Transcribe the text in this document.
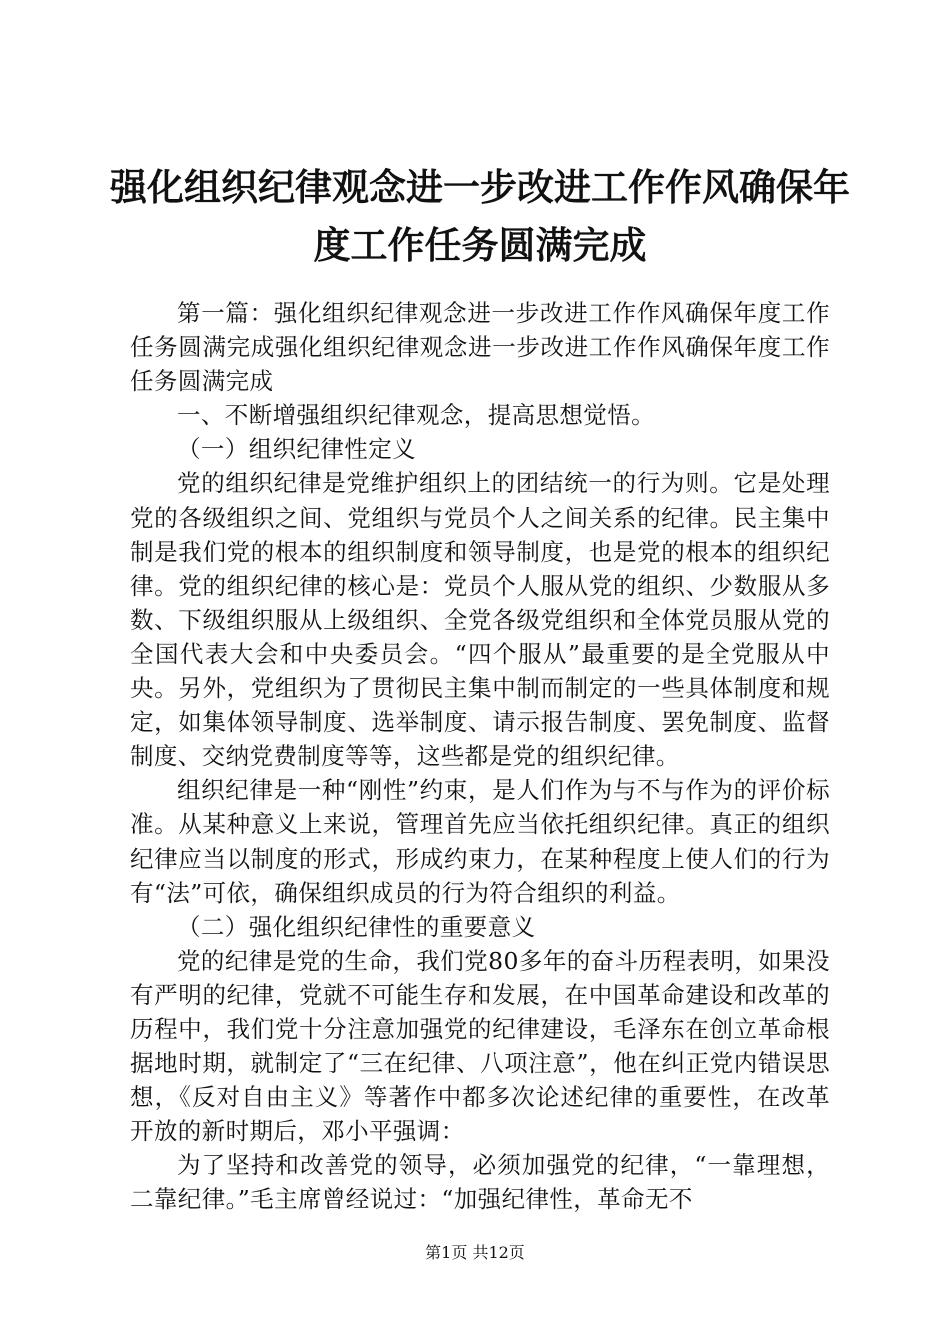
强化组织纪律观念进一步改进工作作风确保年度工作任务圆满完成

第一篇：强化组织纪律观念进一步改进工作作风确保年度工作任务圆满完成强化组织纪律观念进一步改进工作作风确保年度工作任务圆满完成

一、不断增强组织纪律观念，提高思想觉悟。

（一）组织纪律性定义

党的组织纪律是党维护组织上的团结统一的行为则。它是处理党的各级组织之间、党组织与党员个人之间关系的纪律。民主集中制是我们党的根本的组织制度和领导制度，也是党的根本的组织纪律。党的组织纪律的核心是：党员个人服从党的组织、少数服从多数、下级组织服从上级组织、全党各级党组织和全体党员服从党的全国代表大会和中央委员会。“四个服从”最重要的是全党服从中央。另外，党组织为了贯彻民主集中制而制定的一些具体制度和规定，如集体领导制度、选举制度、请示报告制度、罢免制度、监督制度、交纳党费制度等等，这些都是党的组织纪律。

组织纪律是一种“刚性”约束，是人们作为与不与作为的评价标准。从某种意义上来说，管理首先应当依托组织纪律。真正的组织纪律应当以制度的形式，形成约束力，在某种程度上使人们的行为有“法”可依，确保组织成员的行为符合组织的利益。

（二）强化组织纪律性的重要意义

党的纪律是党的生命，我们党80多年的奋斗历程表明，如果没有严明的纪律，党就不可能生存和发展，在中国革命建设和改革的历程中，我们党十分注意加强党的纪律建设，毛泽东在创立革命根据地时期，就制定了“三在纪律、八项注意”，他在纠正党内错误思想，《反对自由主义》等著作中都多次论述纪律的重要性，在改革开放的新时期后，邓小平强调：

为了坚持和改善党的领导，必须加强党的纪律，“一靠理想，二靠纪律。”毛主席曾经说过：“加强纪律性，革命无不

第1页 共12页
